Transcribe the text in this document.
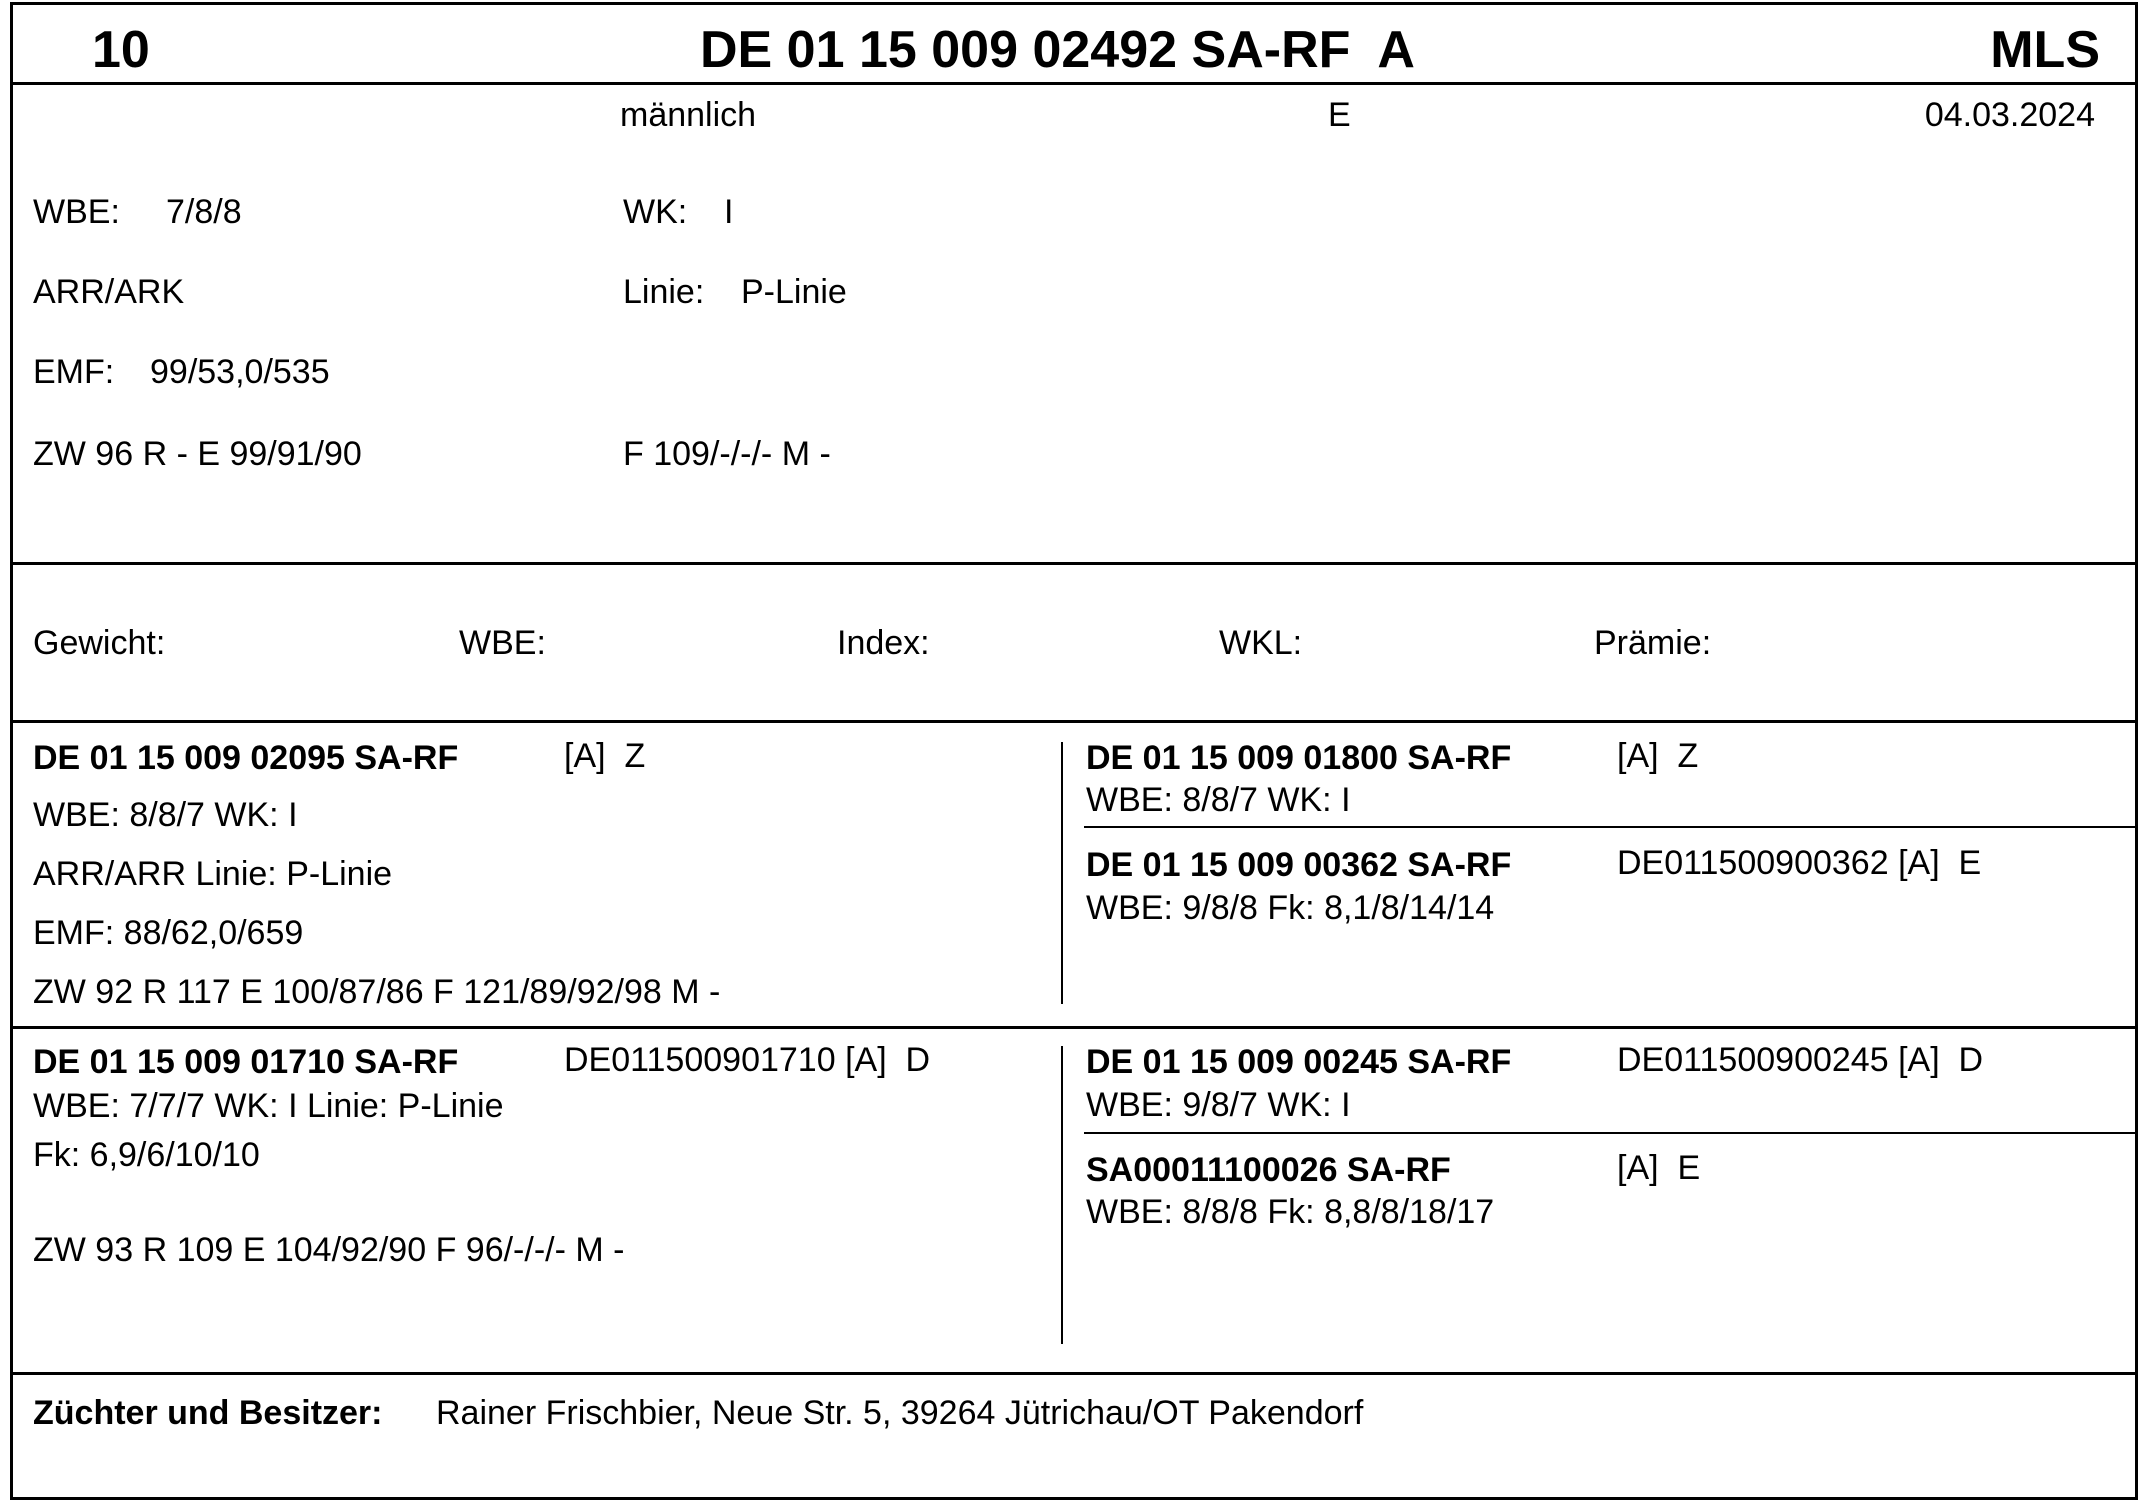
10	DE 01 15 009 02492 SA-RF  A	MLS
männlich	E	04.03.2024
WBE: 7/8/8	WK: I
ARR/ARK	Linie: P-Linie
EMF: 99/53,0/535
ZW 96 R - E 99/91/90	F 109/-/-/- M -
Gewicht:	WBE:	Index:	WKL:	Prämie:
DE 01 15 009 02095 SA-RF	[A]  Z
WBE: 8/8/7 WK: I
ARR/ARR Linie: P-Linie
EMF: 88/62,0/659
ZW 92 R 117 E 100/87/86 F 121/89/92/98 M -
DE 01 15 009 01800 SA-RF	[A]  Z
WBE: 8/8/7 WK: I
DE 01 15 009 00362 SA-RF	DE011500900362 [A]  E
WBE: 9/8/8 Fk: 8,1/8/14/14
DE 01 15 009 01710 SA-RF	DE011500901710 [A]  D
WBE: 7/7/7 WK: I Linie: P-Linie
Fk: 6,9/6/10/10
ZW 93 R 109 E 104/92/90 F 96/-/-/- M -
DE 01 15 009 00245 SA-RF	DE011500900245 [A]  D
WBE: 9/8/7 WK: I
SA00011100026 SA-RF	[A]  E
WBE: 8/8/8 Fk: 8,8/8/18/17
Züchter und Besitzer: Rainer Frischbier, Neue Str. 5, 39264 Jütrichau/OT Pakendorf
